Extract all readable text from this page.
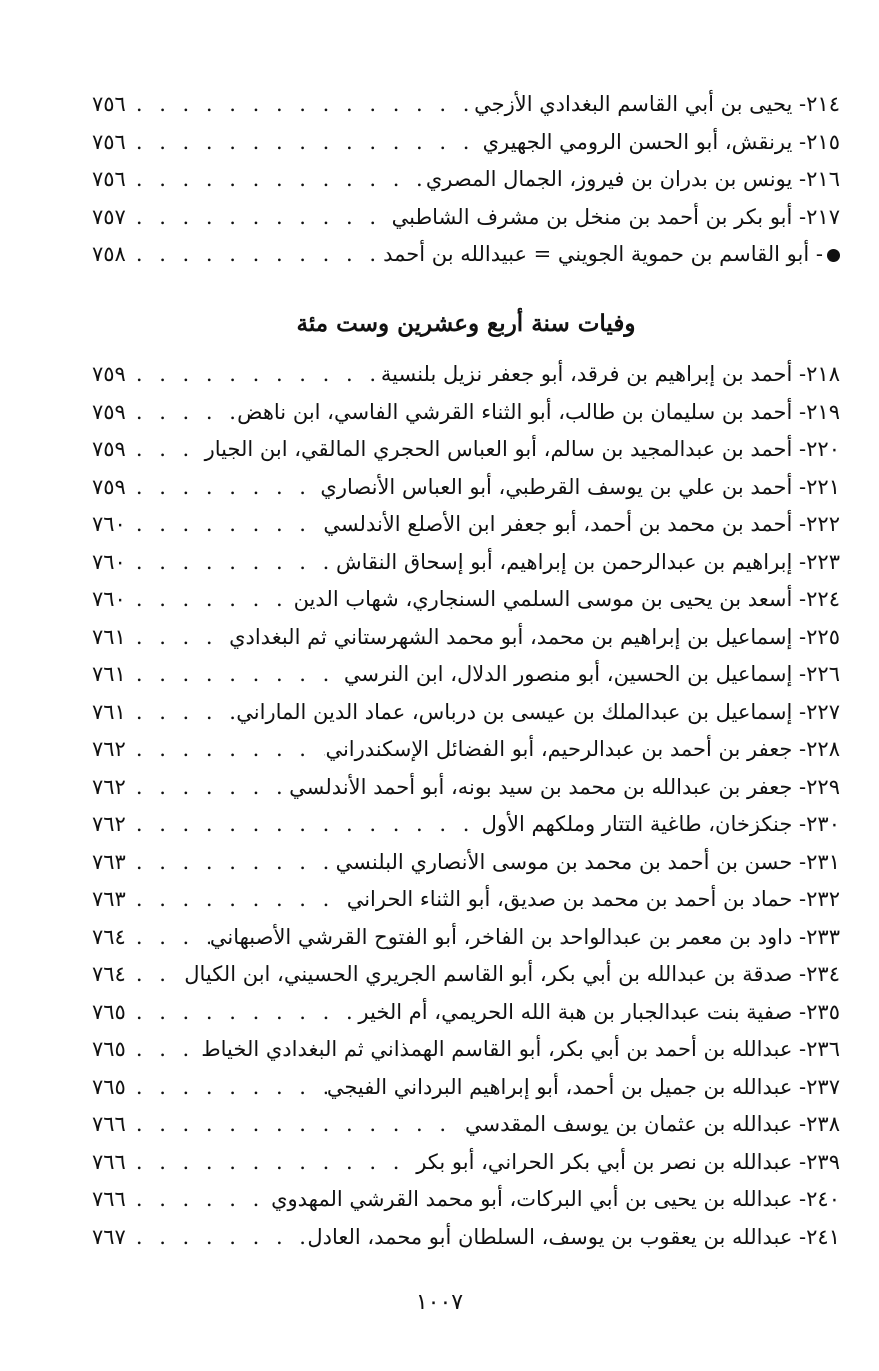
٢١٤- يحيى بن أبي القاسم البغدادي الأزجي
. . .
٧٥٦
٢١٥- يرنقش، أبو الحسن الرومي الجهيري
. . .
٧٥٦
٢١٦- يونس بن بدران بن فيروز، الجمال المصري
. . .
٧٥٦
٢١٧- أبو بكر بن أحمد بن منخل بن مشرف الشاطبي
. . .
٧٥٧
- أبو القاسم بن حموية الجويني = عبيدالله بن أحمد
. . .
٧٥٨
وفيات سنة أربع وعشرين وست مئة
٢١٨- أحمد بن إبراهيم بن فرقد، أبو جعفر نزيل بلنسية
. . .
٧٥٩
٢١٩- أحمد بن سليمان بن طالب، أبو الثناء القرشي الفاسي، ابن ناهض
. . .
٧٥٩
٢٢٠- أحمد بن عبدالمجيد بن سالم، أبو العباس الحجري المالقي، ابن الجيار
. . .
٧٥٩
٢٢١- أحمد بن علي بن يوسف القرطبي، أبو العباس الأنصاري
. . .
٧٥٩
٢٢٢- أحمد بن محمد بن أحمد، أبو جعفر ابن الأصلع الأندلسي
. . .
٧٦٠
٢٢٣- إبراهيم بن عبدالرحمن بن إبراهيم، أبو إسحاق النقاش
. . .
٧٦٠
٢٢٤- أسعد بن يحيى بن موسى السلمي السنجاري، شهاب الدين
. . .
٧٦٠
٢٢٥- إسماعيل بن إبراهيم بن محمد، أبو محمد الشهرستاني ثم البغدادي
. . .
٧٦١
٢٢٦- إسماعيل بن الحسين، أبو منصور الدلال، ابن النرسي
. . .
٧٦١
٢٢٧- إسماعيل بن عبدالملك بن عيسى بن درباس، عماد الدين الماراني
. . .
٧٦١
٢٢٨- جعفر بن أحمد بن عبدالرحيم، أبو الفضائل الإسكندراني
. . .
٧٦٢
٢٢٩- جعفر بن عبدالله بن محمد بن سيد بونه، أبو أحمد الأندلسي
. . .
٧٦٢
٢٣٠- جنكزخان، طاغية التتار وملكهم الأول
. . .
٧٦٢
٢٣١- حسن بن أحمد بن محمد بن موسى الأنصاري البلنسي
. . .
٧٦٣
٢٣٢- حماد بن أحمد بن محمد بن صديق، أبو الثناء الحراني
. . .
٧٦٣
٢٣٣- داود بن معمر بن عبدالواحد بن الفاخر، أبو الفتوح القرشي الأصبهاني
. . .
٧٦٤
٢٣٤- صدقة بن عبدالله بن أبي بكر، أبو القاسم الجريري الحسيني، ابن الكيال
. . .
٧٦٤
٢٣٥- صفية بنت عبدالجبار بن هبة الله الحريمي، أم الخير
. . .
٧٦٥
٢٣٦- عبدالله بن أحمد بن أبي بكر، أبو القاسم الهمذاني ثم البغدادي الخياط
. . .
٧٦٥
٢٣٧- عبدالله بن جميل بن أحمد، أبو إبراهيم البرداني الفيجي
. . .
٧٦٥
٢٣٨- عبدالله بن عثمان بن يوسف المقدسي
. . .
٧٦٦
٢٣٩- عبدالله بن نصر بن أبي بكر الحراني، أبو بكر
. . .
٧٦٦
٢٤٠- عبدالله بن يحيى بن أبي البركات، أبو محمد القرشي المهدوي
. . .
٧٦٦
٢٤١- عبدالله بن يعقوب بن يوسف، السلطان أبو محمد، العادل
. . .
٧٦٧
١٠٠٧
